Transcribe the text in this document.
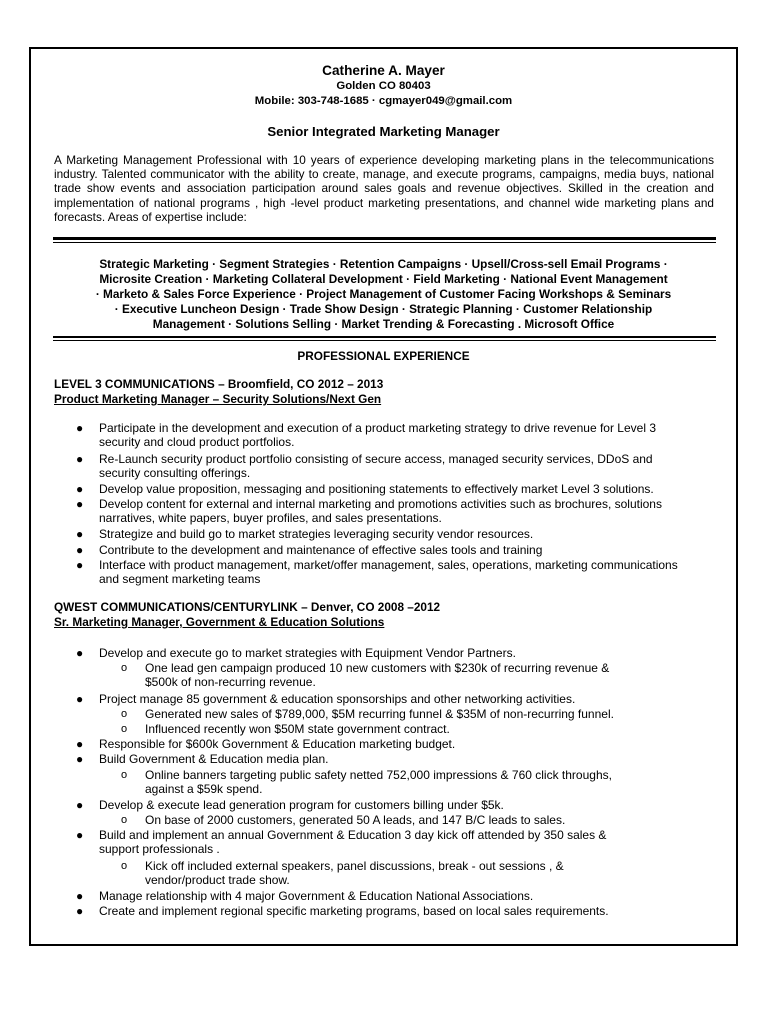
Catherine A. Mayer
Golden CO 80403
Mobile: 303-748-1685 · cgmayer049@gmail.com
Senior Integrated Marketing Manager
A Marketing Management Professional with 10 years of experience developing marketing plans in the telecommunications industry. Talented communicator with the ability to create, manage, and execute programs, campaigns, media buys, national trade show events and association participation around sales goals and revenue objectives. Skilled in the creation and implementation of national programs , high -level product marketing presentations, and channel wide marketing plans and forecasts. Areas of expertise include:
Strategic Marketing · Segment Strategies · Retention Campaigns · Upsell/Cross-sell Email Programs ·
Microsite Creation · Marketing Collateral Development · Field Marketing · National Event Management
· Marketo & Sales Force Experience · Project Management of Customer Facing Workshops & Seminars
· Executive Luncheon Design · Trade Show Design · Strategic Planning · Customer Relationship
Management · Solutions Selling · Market Trending & Forecasting . Microsoft Office
PROFESSIONAL EXPERIENCE
LEVEL 3 COMMUNICATIONS – Broomfield, CO 2012 – 2013
Product Marketing Manager – Security Solutions/Next Gen
● Participate in the development and execution of a product marketing strategy to drive revenue for Level 3
security and cloud product portfolios.
● Re-Launch security product portfolio consisting of secure access, managed security services, DDoS and
security consulting offerings.
● Develop value proposition, messaging and positioning statements to effectively market Level 3 solutions.
● Develop content for external and internal marketing and promotions activities such as brochures, solutions
narratives, white papers, buyer profiles, and sales presentations.
● Strategize and build go to market strategies leveraging security vendor resources.
● Contribute to the development and maintenance of effective sales tools and training
● Interface with product management, market/offer management, sales, operations, marketing communications
and segment marketing teams
QWEST COMMUNICATIONS/CENTURYLINK – Denver, CO 2008 –2012
Sr. Marketing Manager, Government & Education Solutions
● Develop and execute go to market strategies with Equipment Vendor Partners.
o One lead gen campaign produced 10 new customers with $230k of recurring revenue &
$500k of non-recurring revenue.
● Project manage 85 government & education sponsorships and other networking activities.
o Generated new sales of $789,000, $5M recurring funnel & $35M of non-recurring funnel.
o Influenced recently won $50M state government contract.
● Responsible for $600k Government & Education marketing budget.
● Build Government & Education media plan.
o Online banners targeting public safety netted 752,000 impressions & 760 click throughs,
against a $59k spend.
● Develop & execute lead generation program for customers billing under $5k.
o On base of 2000 customers, generated 50 A leads, and 147 B/C leads to sales.
● Build and implement an annual Government & Education 3 day kick off attended by 350 sales &
support professionals .
o Kick off included external speakers, panel discussions, break - out sessions , &
vendor/product trade show.
● Manage relationship with 4 major Government & Education National Associations.
● Create and implement regional specific marketing programs, based on local sales requirements.
